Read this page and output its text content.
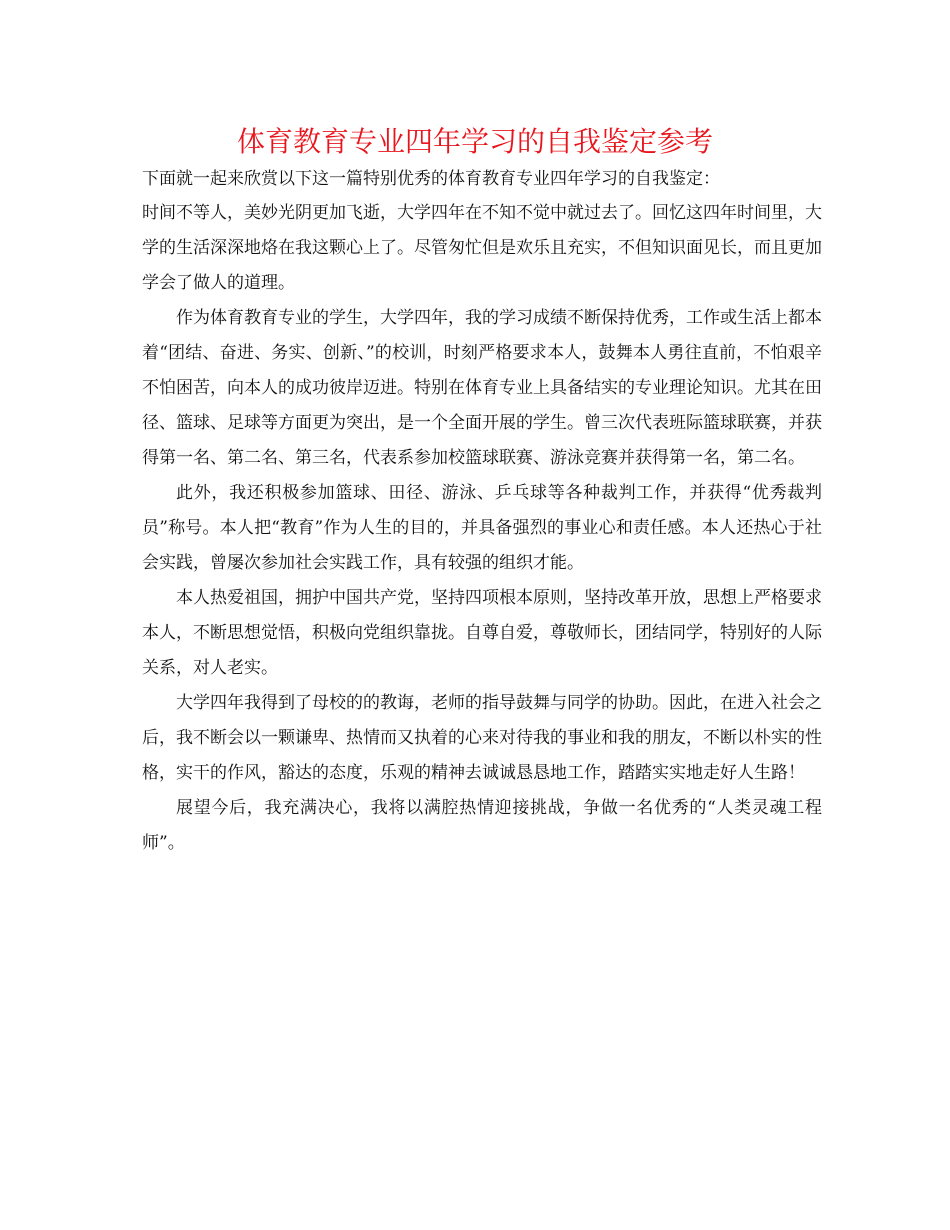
体育教育专业四年学习的自我鉴定参考

下面就一起来欣赏以下这一篇特别优秀的体育教育专业四年学习的自我鉴定：

时间不等人，美妙光阴更加飞逝，大学四年在不知不觉中就过去了。回忆这四年时间里，大学的生活深深地烙在我这颗心上了。尽管匆忙但是欢乐且充实，不但知识面见长，而且更加学会了做人的道理。

作为体育教育专业的学生，大学四年，我的学习成绩不断保持优秀，工作或生活上都本着“团结、奋进、务实、创新、”的校训，时刻严格要求本人，鼓舞本人勇往直前，不怕艰辛不怕困苦，向本人的成功彼岸迈进。特别在体育专业上具备结实的专业理论知识。尤其在田径、篮球、足球等方面更为突出，是一个全面开展的学生。曾三次代表班际篮球联赛，并获得第一名、第二名、第三名，代表系参加校篮球联赛、游泳竞赛并获得第一名，第二名。

此外，我还积极参加篮球、田径、游泳、乒乓球等各种裁判工作，并获得“优秀裁判员”称号。本人把“教育”作为人生的目的，并具备强烈的事业心和责任感。本人还热心于社会实践，曾屡次参加社会实践工作，具有较强的组织才能。

本人热爱祖国，拥护中国共产党，坚持四项根本原则，坚持改革开放，思想上严格要求本人，不断思想觉悟，积极向党组织靠拢。自尊自爱，尊敬师长，团结同学，特别好的人际关系，对人老实。

大学四年我得到了母校的的教诲，老师的指导鼓舞与同学的协助。因此，在进入社会之后，我不断会以一颗谦卑、热情而又执着的心来对待我的事业和我的朋友，不断以朴实的性格，实干的作风，豁达的态度，乐观的精神去诚诚恳恳地工作，踏踏实实地走好人生路！

展望今后，我充满决心，我将以满腔热情迎接挑战，争做一名优秀的“人类灵魂工程师”。
